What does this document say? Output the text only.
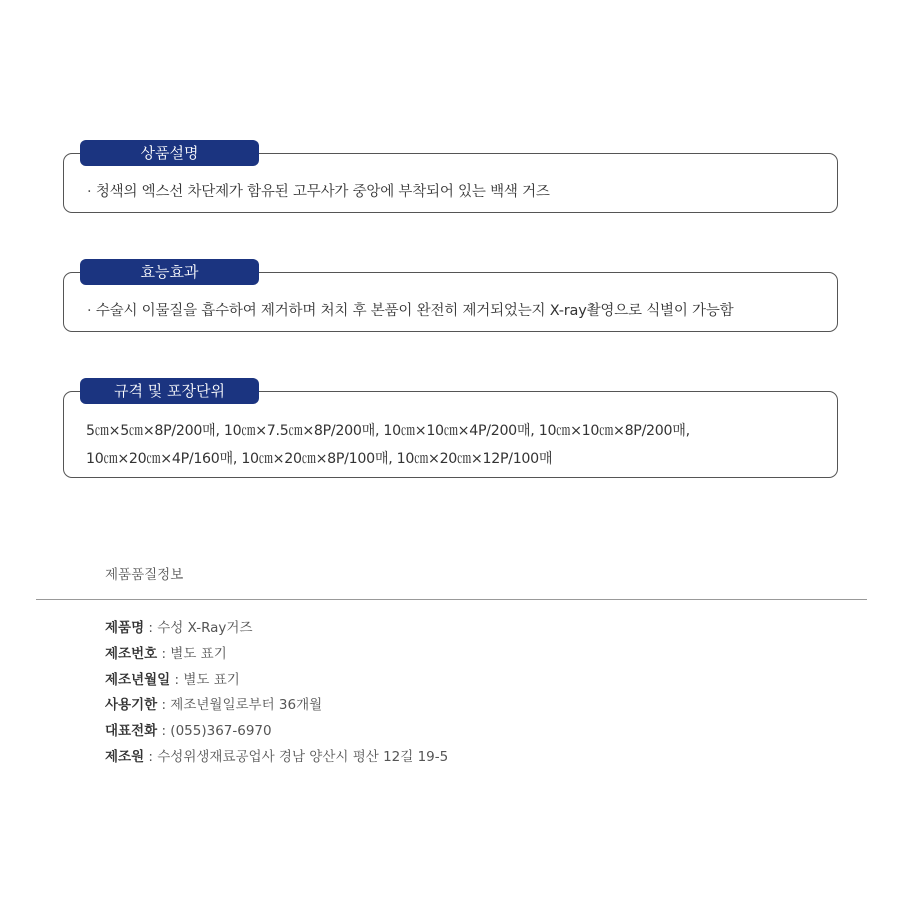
상품설명
· 청색의 엑스선 차단제가 함유된 고무사가 중앙에 부착되어 있는 백색 거즈
효능효과
· 수술시 이물질을 흡수하여 제거하며 처치 후 본품이 완전히 제거되었는지 X-ray촬영으로 식별이 가능함
규격 및 포장단위
5㎝×5㎝×8P/200매, 10㎝×7.5㎝×8P/200매, 10㎝×10㎝×4P/200매, 10㎝×10㎝×8P/200매,
10㎝×20㎝×4P/160매, 10㎝×20㎝×8P/100매, 10㎝×20㎝×12P/100매
제품품질정보
제품명 : 수성 X-Ray거즈
제조번호 : 별도 표기
제조년월일 : 별도 표기
사용기한 : 제조년월일로부터 36개월
대표전화 : (055)367-6970
제조원 : 수성위생재료공업사 경남 양산시 평산 12길 19-5
